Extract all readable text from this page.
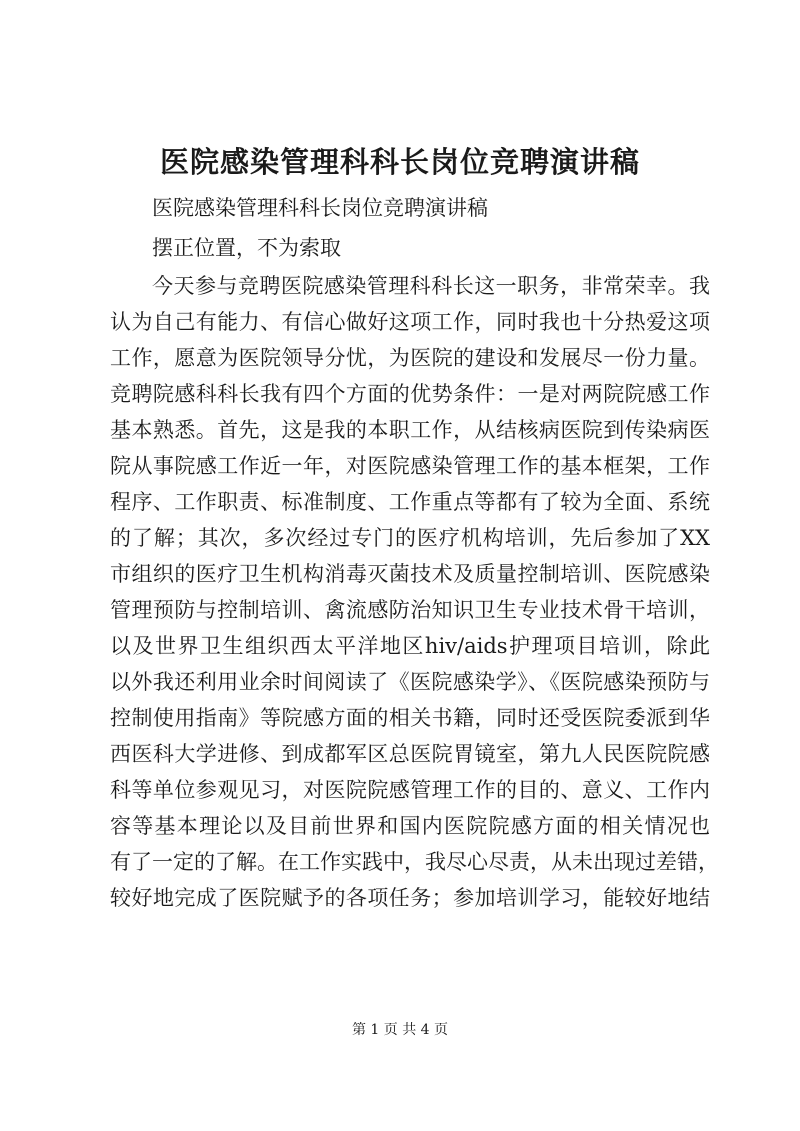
医院感染管理科科长岗位竞聘演讲稿

医院感染管理科科长岗位竞聘演讲稿

摆正位置，不为索取

今天参与竞聘医院感染管理科科长这一职务，非常荣幸。我

认为自己有能力、有信心做好这项工作，同时我也十分热爱这项

工作，愿意为医院领导分忧，为医院的建设和发展尽一份力量。

竞聘院感科科长我有四个方面的优势条件：一是对两院院感工作

基本熟悉。首先，这是我的本职工作，从结核病医院到传染病医

院从事院感工作近一年，对医院感染管理工作的基本框架，工作

程序、工作职责、标准制度、工作重点等都有了较为全面、系统

的了解；其次，多次经过专门的医疗机构培训，先后参加了XX

市组织的医疗卫生机构消毒灭菌技术及质量控制培训、医院感染

管理预防与控制培训、禽流感防治知识卫生专业技术骨干培训，

以及世界卫生组织西太平洋地区hiv/aids护理项目培训，除此

以外我还利用业余时间阅读了《医院感染学》、《医院感染预防与

控制使用指南》等院感方面的相关书籍，同时还受医院委派到华

西医科大学进修、到成都军区总医院胃镜室，第九人民医院院感

科等单位参观见习，对医院院感管理工作的目的、意义、工作内

容等基本理论以及目前世界和国内医院院感方面的相关情况也

有了一定的了解。在工作实践中，我尽心尽责，从未出现过差错，

较好地完成了医院赋予的各项任务；参加培训学习，能较好地结

第 1 页 共 4 页
